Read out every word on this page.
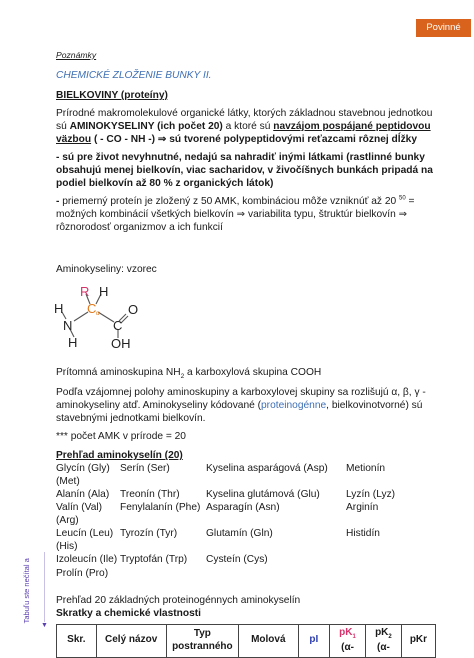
Povinné

Poznámky

CHEMICKÉ ZLOŽENIE BUNKY II.

BIELKOVINY (proteíny)

Prírodné makromolekulové organické látky, ktorých základnou stavebnou jednotkou sú AMINOKYSELINY (ich počet 20) a ktoré sú navzájom pospájané peptidovou väzbou ( - CO - NH -) ⇒ sú tvorené polypeptidovými reťazcami rôznej dĺžky

- sú pre život nevyhnutné, nedajú sa nahradiť inými látkami (rastlinné bunky obsahujú menej bielkovín, viac sacharidov, v živočíšnych bunkách pripadá na podiel bielkovín až 80 % z organických látok)

- priemerný proteín je zložený z 50 AMK, kombináciou môže vzniknúť až 20 $^{50}$ = možných kombinácií všetkých bielkovín ⇒ variabilita typu, štruktúr bielkovín ⇒ rôznorodosť organizmov a ich funkcií

Aminokyseliny: vzorec

R H
H
N
C α
C
O
H	OH

Prítomná aminoskupina $NH_2$ a karboxylová skupina COOH

Podľa vzájomnej polohy aminoskupiny a karboxylovej skupiny sa rozlišujú α, β, γ - aminokyseliny atď. Aminokyseliny kódované (proteinogénne, bielkovinotvorné) sú stavebnými jednotkami bielkovín.

*** počet AMK v prírode = 20

Prehľad aminokyselín (20)

Glycín (Gly)	Serín (Ser)	Kyselina asparágová (Asp)	Metionín
(Met)
Alanín (Ala)	Treonín (Thr)	Kyselina glutámová (Glu)	Lyzín (Lyz)
Valín (Val)	Fenylalanín (Phe) Asparagín (Asn)	Arginín
(Arg)
Leucín (Leu) Tyrozín (Tyr)	Glutamín (Gln)	Histidín
(His)
Izoleucín (Ile) Tryptofán (Trp)	Cysteín (Cys)
Prolín (Pro)

Prehľad 20 základných proteinogénnych aminokyselín

Skratky a chemické vlastnosti

Skr.	Celý názov	Typ
postranného	Molová	pI	$pK_1$
(α-	$pK_2$
(α-	pKr
Tabuľu ste nečítal a
▼
